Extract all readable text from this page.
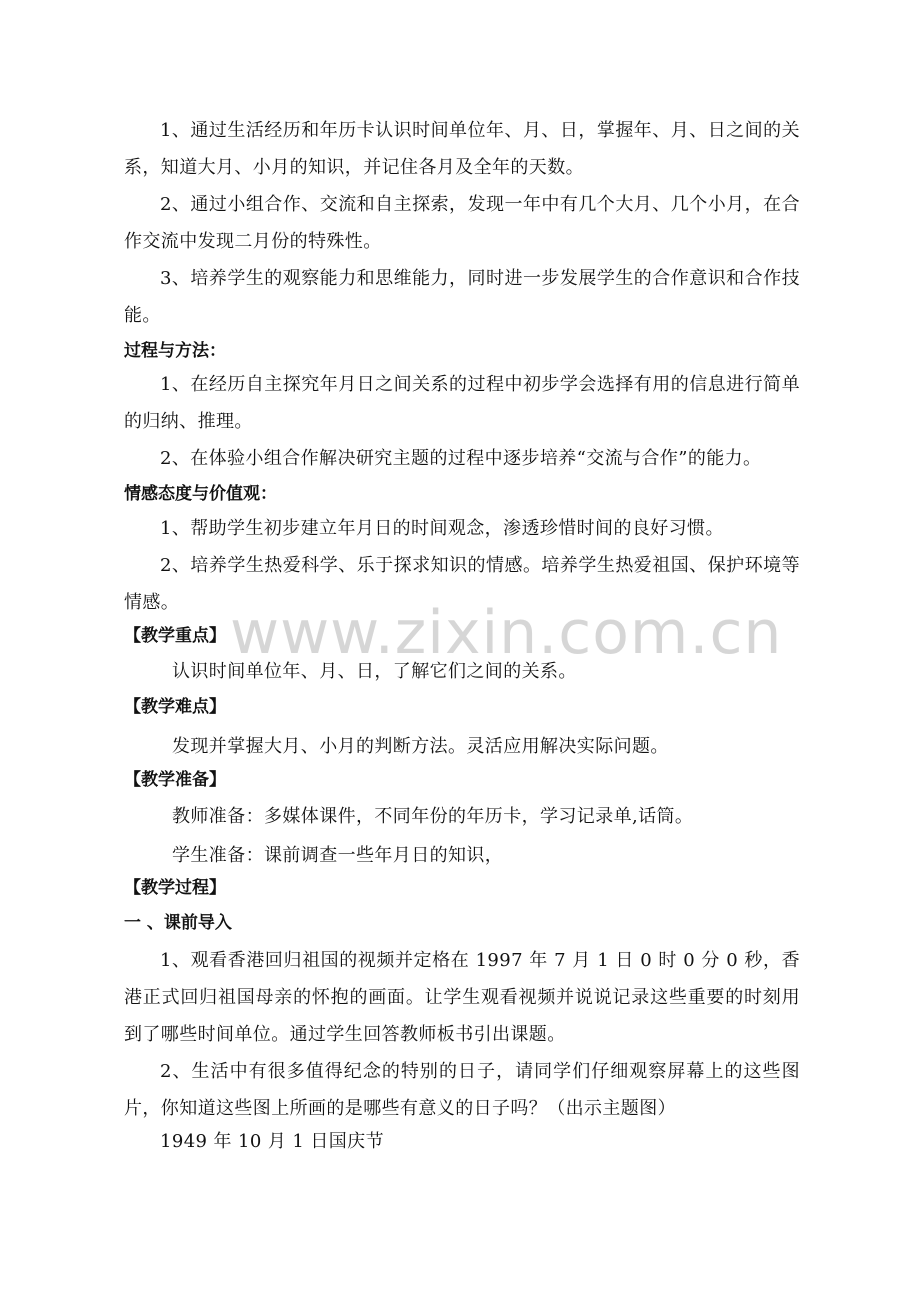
1、通过生活经历和年历卡认识时间单位年、月、日，掌握年、月、日之间的关系，知道大月、小月的知识，并记住各月及全年的天数。

2、通过小组合作、交流和自主探索，发现一年中有几个大月、几个小月，在合作交流中发现二月份的特殊性。

3、培养学生的观察能力和思维能力，同时进一步发展学生的合作意识和合作技能。

过程与方法：

1、在经历自主探究年月日之间关系的过程中初步学会选择有用的信息进行简单的归纳、推理。

2、在体验小组合作解决研究主题的过程中逐步培养“交流与合作”的能力。

情感态度与价值观：

1、帮助学生初步建立年月日的时间观念，渗透珍惜时间的良好习惯。

2、培养学生热爱科学、乐于探求知识的情感。培养学生热爱祖国、保护环境等情感。

【教学重点】

认识时间单位年、月、日，了解它们之间的关系。

【教学难点】

发现并掌握大月、小月的判断方法。灵活应用解决实际问题。

【教学准备】

教师准备：多媒体课件，不同年份的年历卡，学习记录单,话筒。

学生准备：课前调查一些年月日的知识，

【教学过程】

一 、课前导入

1、观看香港回归祖国的视频并定格在 1997 年 7 月 1 日 0 时 0 分 0 秒，香港正式回归祖国母亲的怀抱的画面。让学生观看视频并说说记录这些重要的时刻用到了哪些时间单位。通过学生回答教师板书引出课题。

2、生活中有很多值得纪念的特别的日子，请同学们仔细观察屏幕上的这些图片，你知道这些图上所画的是哪些有意义的日子吗？（出示主题图）

1949 年 10 月 1 日国庆节

www.zixin.com.cn
